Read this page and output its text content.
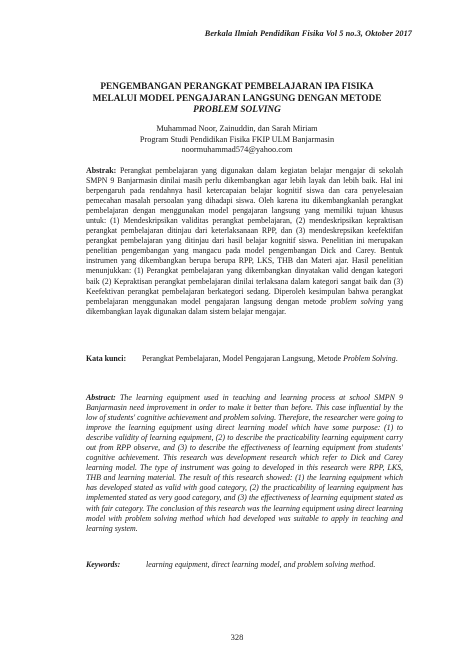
Berkala Ilmiah Pendidikan Fisika Vol 5 no.3, Oktober 2017
PENGEMBANGAN PERANGKAT PEMBELAJARAN IPA FISIKA
MELALUI MODEL PENGAJARAN LANGSUNG DENGAN METODE
PROBLEM SOLVING
Muhammad Noor, Zainuddin, dan Sarah Miriam
Program Studi Pendidikan Fisika FKIP ULM Banjarmasin
noormuhammad574@yahoo.com
Abstrak: Perangkat pembelajaran yang digunakan dalam kegiatan belajar mengajar di sekolah SMPN 9 Banjarmasin dinilai masih perlu dikembangkan agar lebih layak dan lebih baik. Hal ini berpengaruh pada rendahnya hasil ketercapaian belajar kognitif siswa dan cara penyelesaian pemecahan masalah persoalan yang dihadapi siswa. Oleh karena itu dikembangkanlah perangkat pembelajaran dengan menggunakan model pengajaran langsung yang memiliki tujuan khusus untuk: (1) Mendeskripsikan validitas perangkat pembelajaran, (2) mendeskripsikan kepraktisan perangkat pembelajaran ditinjau dari keterlaksanaan RPP, dan (3) mendeskrepsikan keefektifan perangkat pembelajaran yang ditinjau dari hasil belajar kognitif siswa. Penelitian ini merupakan penelitian pengembangan yang mangacu pada model pengembangan Dick and Carey. Bentuk instrumen yang dikembangkan berupa berupa RPP, LKS, THB dan Materi ajar. Hasil penelitian menunjukkan: (1) Perangkat pembelajaran yang dikembangkan dinyatakan valid dengan kategori baik (2) Kepraktisan perangkat pembelajaran dinilai terlaksana dalam kategori sangat baik dan (3) Keefektivan perangkat pembelajaran berkategori sedang. Diperoleh kesimpulan bahwa perangkat pembelajaran menggunakan model pengajaran langsung dengan metode problem solving yang dikembangkan layak digunakan dalam sistem belajar mengajar.
Kata kunci:	Perangkat Pembelajaran, Model Pengajaran Langsung, Metode Problem Solving.
Abstract: The learning equipment used in teaching and learning process at school SMPN 9 Banjarmasin need improvement in order to make it better than before. This case influential by the low of students' cognitive achievement and problem solving. Therefore, the researcher were going to improve the learning equipment using direct learning model which have some purpose: (1) to describe validity of learning equipment, (2) to describe the practicability learning equipment carry out from RPP observe, and (3) to describe the effectiveness of learning equipment from students' cognitive achievement. This research was development research which refer to Dick and Carey learning model. The type of instrument was going to developed in this research were RPP, LKS, THB and learning material. The result of this research showed: (1) the learning equipment which has developed stated as valid with good category, (2) the practicability of learning equipment has implemented stated as very good category, and (3) the effectiveness of learning equipment stated as with fair category. The conclusion of this research was the learning equipment using direct learning model with problem solving method which had developed was suitable to apply in teaching and learning system.
Keywords:	learning equipment, direct learning model, and problem solving method.
328
